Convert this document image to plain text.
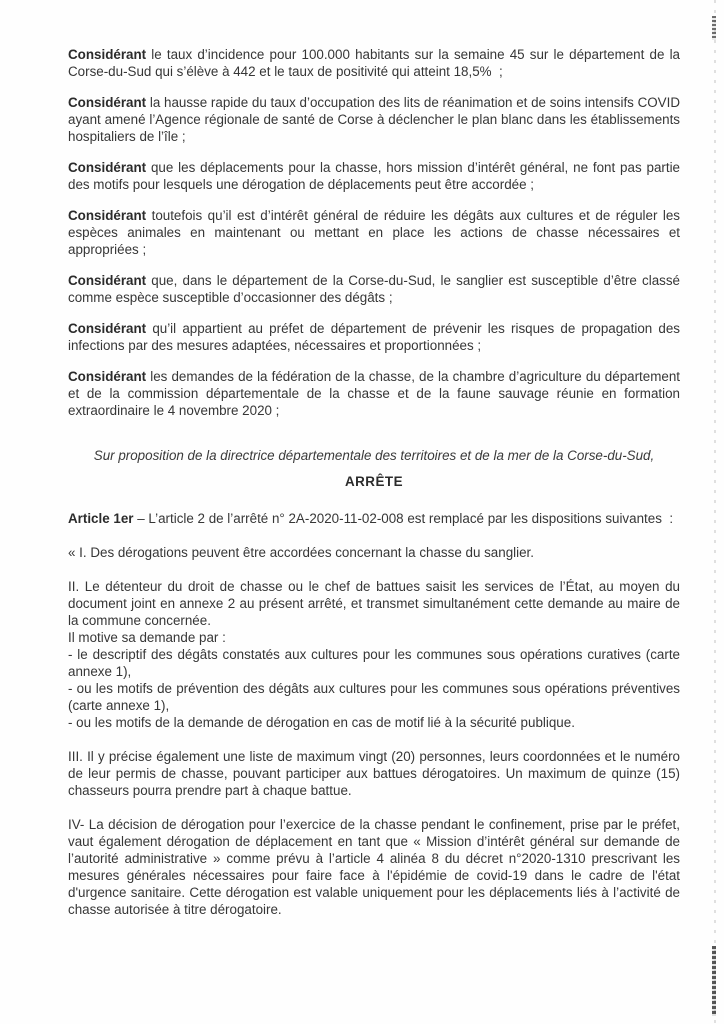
Considérant le taux d’incidence pour 100.000 habitants sur la semaine 45 sur le département de la Corse-du-Sud qui s’élève à 442 et le taux de positivité qui atteint 18,5%  ;

Considérant la hausse rapide du taux d’occupation des lits de réanimation et de soins intensifs COVID ayant amené l’Agence régionale de santé de Corse à déclencher le plan blanc dans les établissements hospitaliers de l’île ;

Considérant que les déplacements pour la chasse, hors mission d’intérêt général, ne font pas partie des motifs pour lesquels une dérogation de déplacements peut être accordée ;

Considérant toutefois qu’il est d’intérêt général de réduire les dégâts aux cultures et de réguler les espèces animales en maintenant ou mettant en place les actions de chasse nécessaires et appropriées ;

Considérant que, dans le département de la Corse-du-Sud, le sanglier est susceptible d’être classé comme espèce susceptible d’occasionner des dégâts ;

Considérant qu’il appartient au préfet de département de prévenir les risques de propagation des infections par des mesures adaptées, nécessaires et proportionnées ;

Considérant les demandes de la fédération de la chasse, de la chambre d’agriculture du département et de la commission départementale de la chasse et de la faune sauvage réunie en formation extraordinaire le 4 novembre 2020 ;

Sur proposition de la directrice départementale des territoires et de la mer de la Corse-du-Sud,

ARRÊTE

Article 1er – L’article 2 de l’arrêté n° 2A-2020-11-02-008 est remplacé par les dispositions suivantes  :

« I. Des dérogations peuvent être accordées concernant la chasse du sanglier.

II. Le détenteur du droit de chasse ou le chef de battues saisit les services de l’État, au moyen du document joint en annexe 2 au présent arrêté, et transmet simultanément cette demande au maire de la commune concernée.
Il motive sa demande par :
- le descriptif des dégâts constatés aux cultures pour les communes sous opérations curatives (carte annexe 1),
- ou les motifs de prévention des dégâts aux cultures pour les communes sous opérations préventives (carte annexe 1),
- ou les motifs de la demande de dérogation en cas de motif lié à la sécurité publique.

III. Il y précise également une liste de maximum vingt (20) personnes, leurs coordonnées et le numéro de leur permis de chasse, pouvant participer aux battues dérogatoires. Un maximum de quinze (15) chasseurs pourra prendre part à chaque battue.

IV- La décision de dérogation pour l’exercice de la chasse pendant le confinement, prise par le préfet, vaut également dérogation de déplacement en tant que « Mission d’intérêt général sur demande de l’autorité administrative » comme prévu à l’article 4 alinéa 8 du décret n°2020-1310 prescrivant les mesures générales nécessaires pour faire face à l'épidémie de covid-19 dans le cadre de l'état d'urgence sanitaire. Cette dérogation est valable uniquement pour les déplacements liés à l’activité de chasse autorisée à titre dérogatoire.
